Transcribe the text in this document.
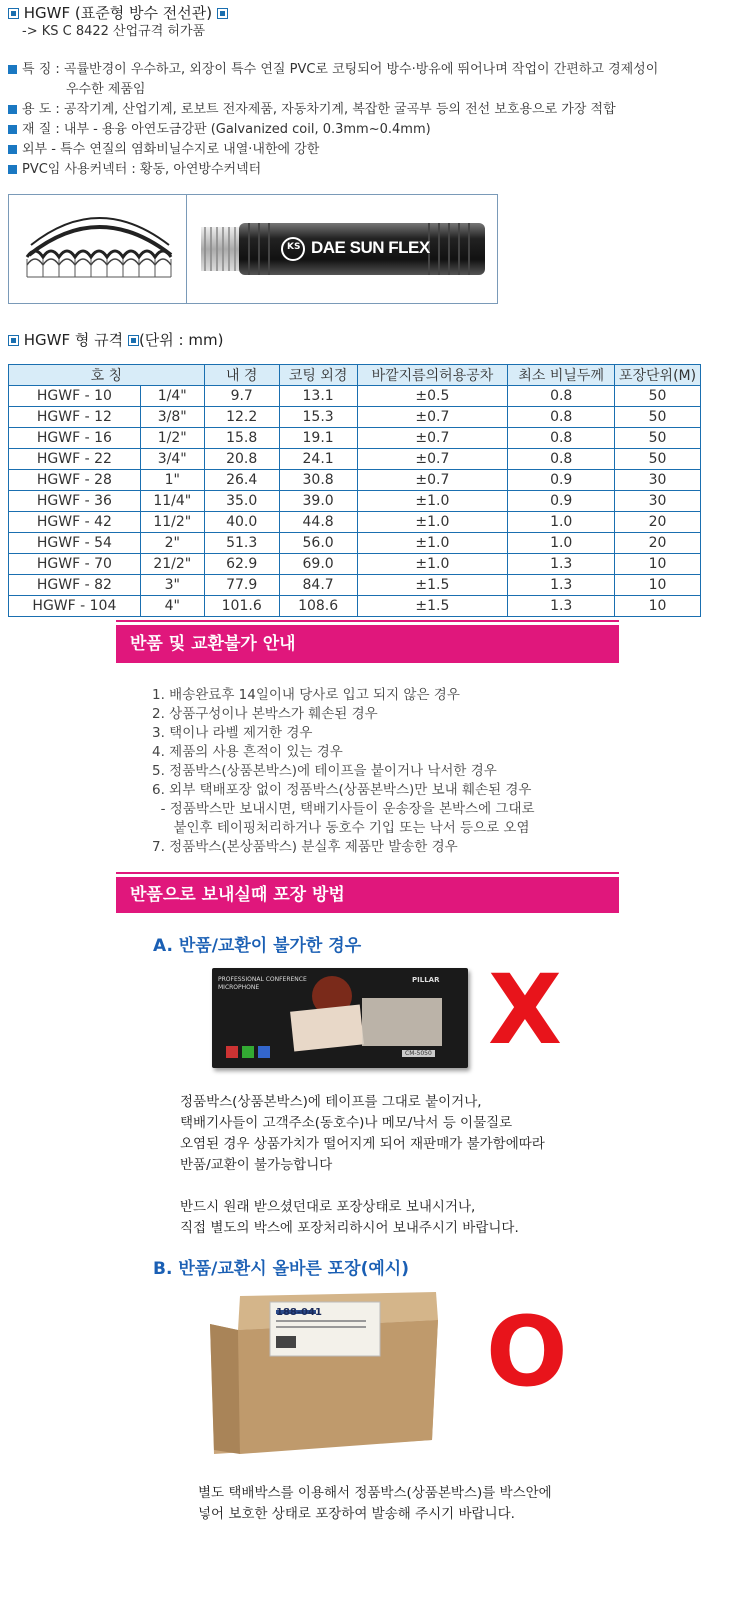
HGWF (표준형 방수 전선관)
-> KS C 8422 산업규격 허가품
특 징 : 곡률반경이 우수하고, 외장이 특수 연질 PVC로 코팅되어 방수·방유에 뛰어나며 작업이 간편하고 경제성이
우수한 제품임
용 도 : 공작기계, 산업기계, 로보트 전자제품, 자동차기계, 복잡한 굴곡부 등의 전선 보호용으로 가장 적합
재 질 : 내부 - 용융 아연도금강판 (Galvanized coil, 0.3mm~0.4mm)
외부 - 특수 연질의 염화비닐수지로 내열·내한에 강한
PVC임 사용커넥터 : 황동, 아연방수커넥터
KS DAE SUN FLEX
HGWF 형 규격 (단위 : mm)
호 칭		내 경	코팅 외경	바깥지름의허용공차	최소 비닐두께	포장단위(M)
HGWF - 10	1/4"	9.7	13.1	±0.5	0.8	50
HGWF - 12	3/8"	12.2	15.3	±0.7	0.8	50
HGWF - 16	1/2"	15.8	19.1	±0.7	0.8	50
HGWF - 22	3/4"	20.8	24.1	±0.7	0.8	50
HGWF - 28	1"	26.4	30.8	±0.7	0.9	30
HGWF - 36	11/4"	35.0	39.0	±1.0	0.9	30
HGWF - 42	11/2"	40.0	44.8	±1.0	1.0	20
HGWF - 54	2"	51.3	56.0	±1.0	1.0	20
HGWF - 70	21/2"	62.9	69.0	±1.0	1.3	10
HGWF - 82	3"	77.9	84.7	±1.5	1.3	10
HGWF - 104	4"	101.6	108.6	±1.5	1.3	10
반품 및 교환불가 안내
1. 배송완료후 14일이내 당사로 입고 되지 않은 경우
2. 상품구성이나 본박스가 훼손된 경우
3. 택이나 라벨 제거한 경우
4. 제품의 사용 흔적이 있는 경우
5. 정품박스(상품본박스)에 테이프을 붙이거나 낙서한 경우
6. 외부 택배포장 없이 정품박스(상품본박스)만 보내 훼손된 경우
- 정품박스만 보내시면, 택배기사들이 운송장을 본박스에 그대로
붙인후 테이핑처리하거나 동호수 기입 또는 낙서 등으로 오염
7. 정품박스(본상품박스) 분실후 제품만 발송한 경우
반품으로 보내실때 포장 방법
A. 반품/교환이 불가한 경우
PROFESSIONAL CONFERENCE
MICROPHONE
PILLAR
CM-5050 X
정품박스(상품본박스)에 테이프를 그대로 붙이거나,
택배기사들이 고객주소(동호수)나 메모/낙서 등 이물질로
오염된 경우 상품가치가 떨어지게 되어 재판매가 불가함에따라
반품/교환이 불가능합니다
반드시 원래 받으셨던대로 포장상태로 보내시거나,
직접 별도의 박스에 포장처리하시어 보내주시기 바랍니다.
B. 반품/교환시 올바른 포장(예시)
188-041 O
별도 택배박스를 이용해서 정품박스(상품본박스)를 박스안에
넣어 보호한 상태로 포장하여 발송해 주시기 바랍니다.
